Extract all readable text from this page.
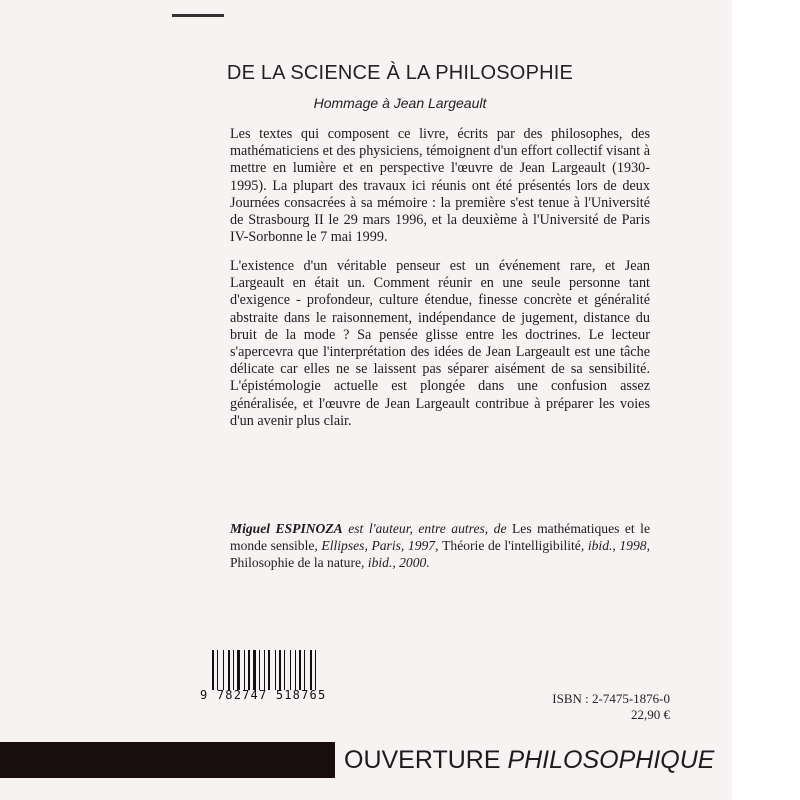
DE LA SCIENCE À LA PHILOSOPHIE
Hommage à Jean Largeault

Les textes qui composent ce livre, écrits par des philosophes, des mathématiciens et des physiciens, témoignent d'un effort collectif visant à mettre en lumière et en perspective l'œuvre de Jean Largeault (1930-1995). La plupart des travaux ici réunis ont été présentés lors de deux Journées consacrées à sa mémoire : la première s'est tenue à l'Université de Strasbourg II le 29 mars 1996, et la deuxième à l'Université de Paris IV-Sorbonne le 7 mai 1999.

L'existence d'un véritable penseur est un événement rare, et Jean Largeault en était un. Comment réunir en une seule personne tant d'exigence - profondeur, culture étendue, finesse concrète et généralité abstraite dans le raisonnement, indépendance de jugement, distance du bruit de la mode ? Sa pensée glisse entre les doctrines. Le lecteur s'apercevra que l'interprétation des idées de Jean Largeault est une tâche délicate car elles ne se laissent pas séparer aisément de sa sensibilité. L'épistémologie actuelle est plongée dans une confusion assez généralisée, et l'œuvre de Jean Largeault contribue à préparer les voies d'un avenir plus clair.

Miguel ESPINOZA est l'auteur, entre autres, de Les mathématiques et le monde sensible, Ellipses, Paris, 1997, Théorie de l'intelligibilité, ibid., 1998, Philosophie de la nature, ibid., 2000.

9 782747 518765	ISBN : 2-7475-1876-0
22,90 €
OUVERTURE PHILOSOPHIQUE
